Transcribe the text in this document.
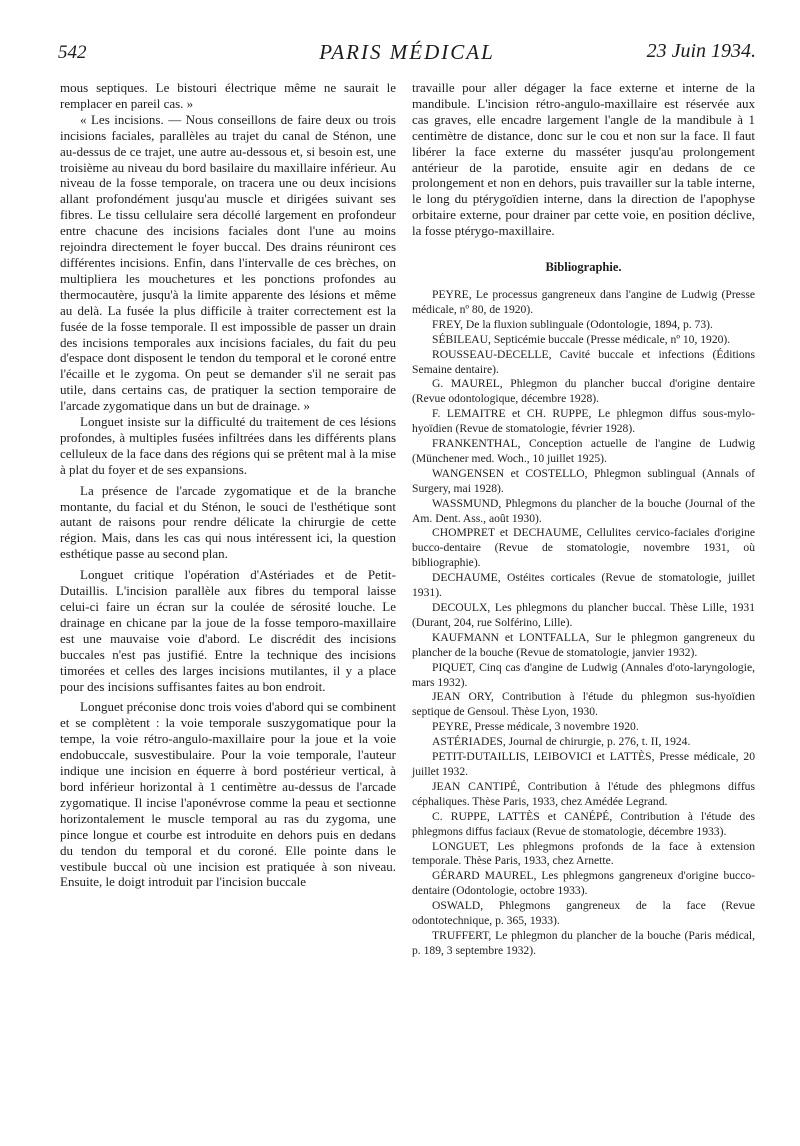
542	PARIS MÉDICAL	23 Juin 1934.

mous septiques. Le bistouri électrique même ne saurait le remplacer en pareil cas. »

« Les incisions. — Nous conseillons de faire deux ou trois incisions faciales, parallèles au trajet du canal de Sténon, une au-dessus de ce trajet, une autre au-dessous et, si besoin est, une troisième au niveau du bord basilaire du maxillaire inférieur. Au niveau de la fosse temporale, on tracera une ou deux incisions allant profondément jusqu'au muscle et dirigées suivant ses fibres. Le tissu cellulaire sera décollé largement en profondeur entre chacune des incisions faciales dont l'une au moins rejoindra directement le foyer buccal. Des drains réuniront ces différentes incisions. Enfin, dans l'intervalle de ces brèches, on multipliera les mouchetures et les ponctions profondes au thermocautère, jusqu'à la limite apparente des lésions et même au delà. La fusée la plus difficile à traiter correctement est la fusée de la fosse temporale. Il est impossible de passer un drain des incisions temporales aux incisions faciales, du fait du peu d'espace dont disposent le tendon du temporal et le coroné entre l'écaille et le zygoma. On peut se demander s'il ne serait pas utile, dans certains cas, de pratiquer la section temporaire de l'arcade zygomatique dans un but de drainage. »

Longuet insiste sur la difficulté du traitement de ces lésions profondes, à multiples fusées infiltrées dans les différents plans celluleux de la face dans des régions qui se prêtent mal à la mise à plat du foyer et de ses expansions.

La présence de l'arcade zygomatique et de la branche montante, du facial et du Sténon, le souci de l'esthétique sont autant de raisons pour rendre délicate la chirurgie de cette région. Mais, dans les cas qui nous intéressent ici, la question esthétique passe au second plan.

Longuet critique l'opération d'Astériades et de Petit-Dutaillis. L'incision parallèle aux fibres du temporal laisse celui-ci faire un écran sur la coulée de sérosité louche. Le drainage en chicane par la joue de la fosse temporo-maxillaire est une mauvaise voie d'abord. Le discrédit des incisions buccales n'est pas justifié. Entre la technique des incisions timorées et celles des larges incisions mutilantes, il y a place pour des incisions suffisantes faites au bon endroit.

Longuet préconise donc trois voies d'abord qui se combinent et se complètent : la voie temporale suszygomatique pour la tempe, la voie rétro-angulo-maxillaire pour la joue et la voie endobuccale, susvestibulaire. Pour la voie temporale, l'auteur indique une incision en équerre à bord postérieur vertical, à bord inférieur horizontal à 1 centimètre au-dessus de l'arcade zygomatique. Il incise l'aponévrose comme la peau et sectionne horizontalement le muscle temporal au ras du zygoma, une pince longue et courbe est introduite en dehors puis en dedans du tendon du temporal et du coroné. Elle pointe dans le vestibule buccal où une incision est pratiquée à son niveau. Ensuite, le doigt introduit par l'incision buccale

travaille pour aller dégager la face externe et interne de la mandibule. L'incision rétro-angulo-maxillaire est réservée aux cas graves, elle encadre largement l'angle de la mandibule à 1 centimètre de distance, donc sur le cou et non sur la face. Il faut libérer la face externe du masséter jusqu'au prolongement antérieur de la parotide, ensuite agir en dedans de ce prolongement et non en dehors, puis travailler sur la table interne, le long du ptérygoïdien interne, dans la direction de l'apophyse orbitaire externe, pour drainer par cette voie, en position déclive, la fosse ptérygo-maxillaire.

Bibliographie.

PEYRE, Le processus gangreneux dans l'angine de Ludwig (Presse médicale, nº 80, de 1920).

FREY, De la fluxion sublinguale (Odontologie, 1894, p. 73).

SÉBILEAU, Septicémie buccale (Presse médicale, nº 10, 1920).

ROUSSEAU-DECELLE, Cavité buccale et infections (Éditions Semaine dentaire).

G. MAUREL, Phlegmon du plancher buccal d'origine dentaire (Revue odontologique, décembre 1928).

F. LEMAITRE et CH. RUPPE, Le phlegmon diffus sous-mylo-hyoïdien (Revue de stomatologie, février 1928).

FRANKENTHAL, Conception actuelle de l'angine de Ludwig (Münchener med. Woch., 10 juillet 1925).

WANGENSEN et COSTELLO, Phlegmon sublingual (Annals of Surgery, mai 1928).

WASSMUND, Phlegmons du plancher de la bouche (Journal of the Am. Dent. Ass., août 1930).

CHOMPRET et DECHAUME, Cellulites cervico-faciales d'origine bucco-dentaire (Revue de stomatologie, novembre 1931, où bibliographie).

DECHAUME, Ostéites corticales (Revue de stomatologie, juillet 1931).

DECOULX, Les phlegmons du plancher buccal. Thèse Lille, 1931 (Durant, 204, rue Solférino, Lille).

KAUFMANN et LONTFALLA, Sur le phlegmon gangreneux du plancher de la bouche (Revue de stomatologie, janvier 1932).

PIQUET, Cinq cas d'angine de Ludwig (Annales d'oto-laryngologie, mars 1932).

JEAN ORY, Contribution à l'étude du phlegmon sus-hyoïdien septique de Gensoul. Thèse Lyon, 1930.

PEYRE, Presse médicale, 3 novembre 1920.

ASTÉRIADES, Journal de chirurgie, p. 276, t. II, 1924.

PETIT-DUTAILLIS, LEIBOVICI et LATTÈS, Presse médicale, 20 juillet 1932.

JEAN CANTIPÉ, Contribution à l'étude des phlegmons diffus céphaliques. Thèse Paris, 1933, chez Amédée Legrand.

C. RUPPE, LATTÈS et CANÉPÉ, Contribution à l'étude des phlegmons diffus faciaux (Revue de stomatologie, décembre 1933).

LONGUET, Les phlegmons profonds de la face à extension temporale. Thèse Paris, 1933, chez Arnette.

GÉRARD MAUREL, Les phlegmons gangreneux d'origine bucco-dentaire (Odontologie, octobre 1933).

OSWALD, Phlegmons gangreneux de la face (Revue odontotechnique, p. 365, 1933).

TRUFFERT, Le phlegmon du plancher de la bouche (Paris médical, p. 189, 3 septembre 1932).
